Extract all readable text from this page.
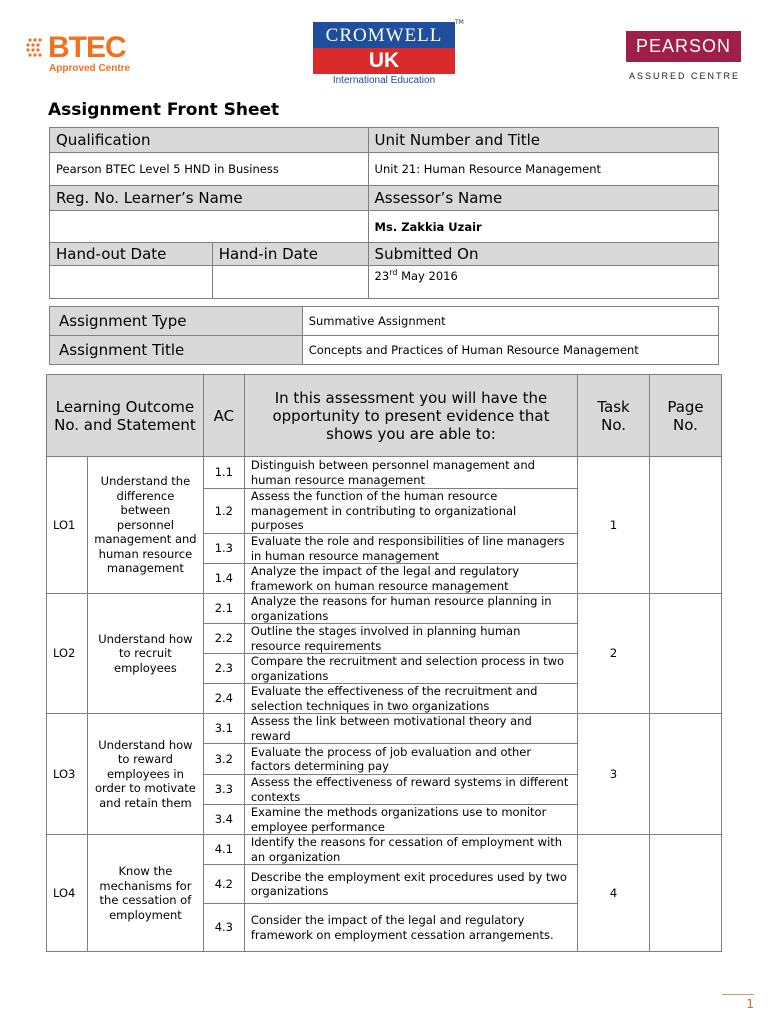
BTEC
Approved Centre
CROMWELL
UK
TM
International Education
PEARSON
ASSURED CENTRE
Assignment Front Sheet
Qualification		Unit Number and Title
Pearson BTEC Level 5 HND in Business		Unit 21: Human Resource Management
Reg. No. Learner’s Name		Assessor’s Name
		Ms. Zakkia Uzair
Hand-out Date	Hand-in Date	Submitted On
		23rd May 2016
Assignment Type	Summative Assignment
Assignment Title	Concepts and Practices of Human Resource Management
Learning Outcome No. and Statement		AC	In this assessment you will have the opportunity to present evidence that shows you are able to:	Task No.	Page No.
LO1	Understand the difference between personnel management and human resource management	1.1	Distinguish between personnel management and human resource management	1	
		1.2	Assess the function of the human resource management in contributing to organizational purposes		
		1.3	Evaluate the role and responsibilities of line managers in human resource management		
		1.4	Analyze the impact of the legal and regulatory framework on human resource management		
LO2	Understand how to recruit employees	2.1	Analyze the reasons for human resource planning in organizations	2	
		2.2	Outline the stages involved in planning human resource requirements		
		2.3	Compare the recruitment and selection process in two organizations		
		2.4	Evaluate the effectiveness of the recruitment and selection techniques in two organizations		
LO3	Understand how to reward employees in order to motivate and retain them	3.1	Assess the link between motivational theory and reward	3	
		3.2	Evaluate the process of job evaluation and other factors determining pay		
		3.3	Assess the effectiveness of reward systems in different contexts		
		3.4	Examine the methods organizations use to monitor employee performance		
LO4	Know the mechanisms for the cessation of employment	4.1	Identify the reasons for cessation of employment with an organization	4	
		4.2	Describe the employment exit procedures used by two organizations		
		4.3	Consider the impact of the legal and regulatory framework on employment cessation arrangements.		
1
